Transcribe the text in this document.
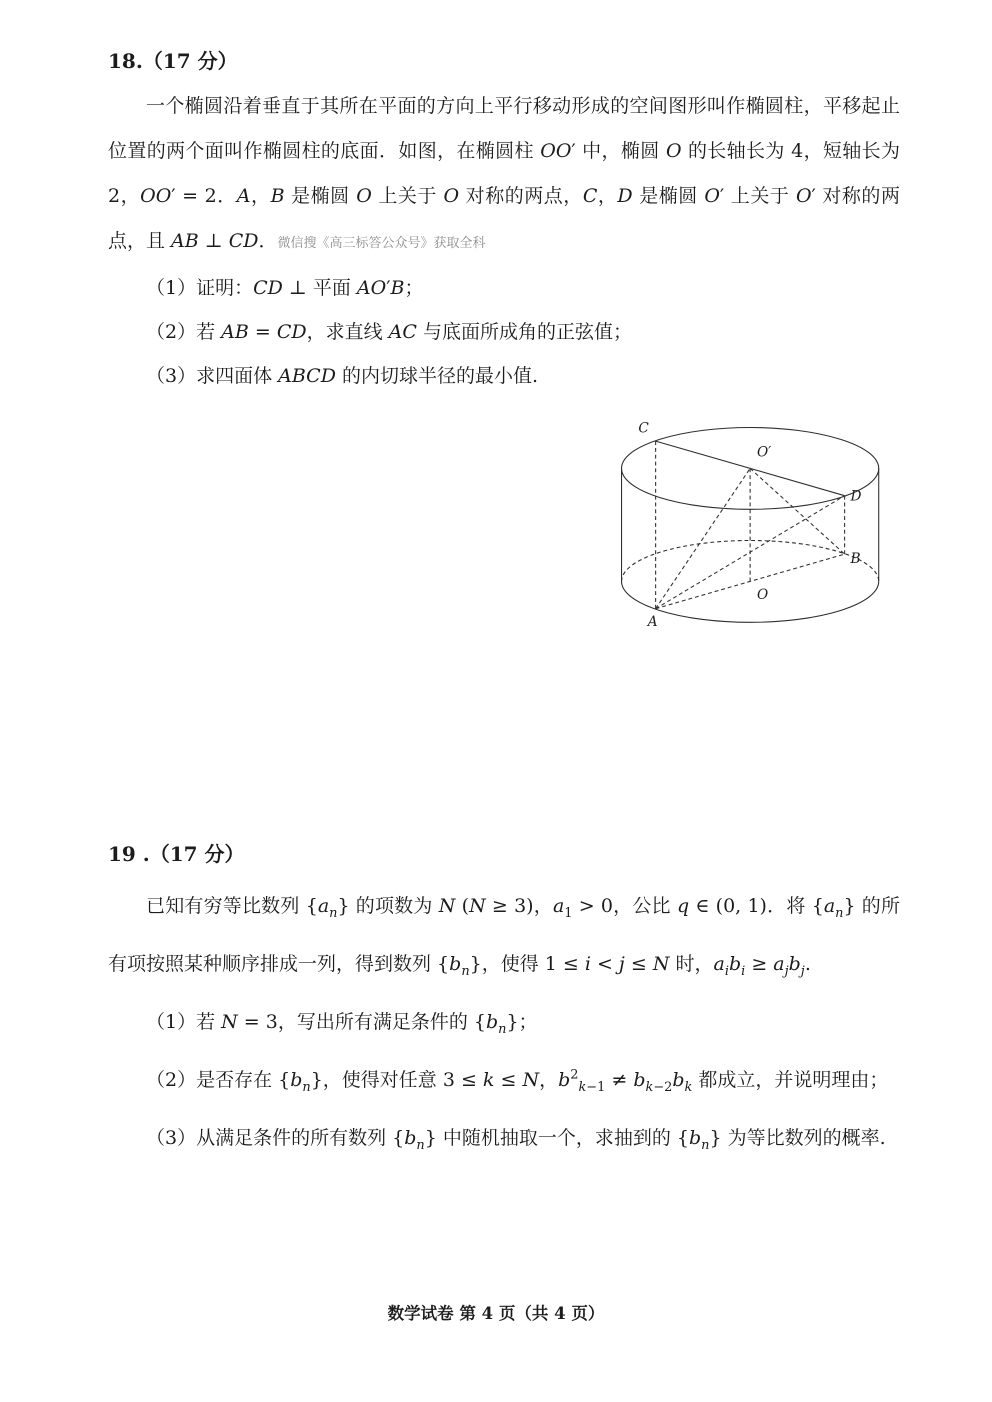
18.（17 分）

一个椭圆沿着垂直于其所在平面的方向上平行移动形成的空间图形叫作椭圆柱，平移起止位置的两个面叫作椭圆柱的底面．如图，在椭圆柱 OO′ 中，椭圆 O 的长轴长为 4，短轴长为 2，OO′ = 2．A，B 是椭圆 O 上关于 O 对称的两点，C，D 是椭圆 O′ 上关于 O′ 对称的两点，且 AB ⊥ CD．微信搜《高三标答公众号》获取全科

（1）证明：CD ⊥ 平面 AO′B；
（2）若 AB = CD，求直线 AC 与底面所成角的正弦值；
（3）求四面体 ABCD 的内切球半径的最小值.
C
O′
D
B
O
A
19 .（17 分）

已知有穷等比数列 $\{a_n\}$ 的项数为 N (N ≥ 3)，$a_1 > 0$，公比 q ∈ (0, 1)．将 $\{a_n\}$ 的所有项按照某种顺序排成一列，得到数列 $\{b_n\}$，使得 1 ≤ i < j ≤ N 时，$a_ib_i \ge a_jb_j$.

（1）若 N = 3，写出所有满足条件的 $\{b_n\}$；
（2）是否存在 $\{b_n\}$，使得对任意 3 ≤ k ≤ N，$b^2_{k-1} \ne b_{k-2}b_k$ 都成立，并说明理由；
（3）从满足条件的所有数列 $\{b_n\}$ 中随机抽取一个，求抽到的 $\{b_n\}$ 为等比数列的概率.
数学试卷 第 4 页（共 4 页）
